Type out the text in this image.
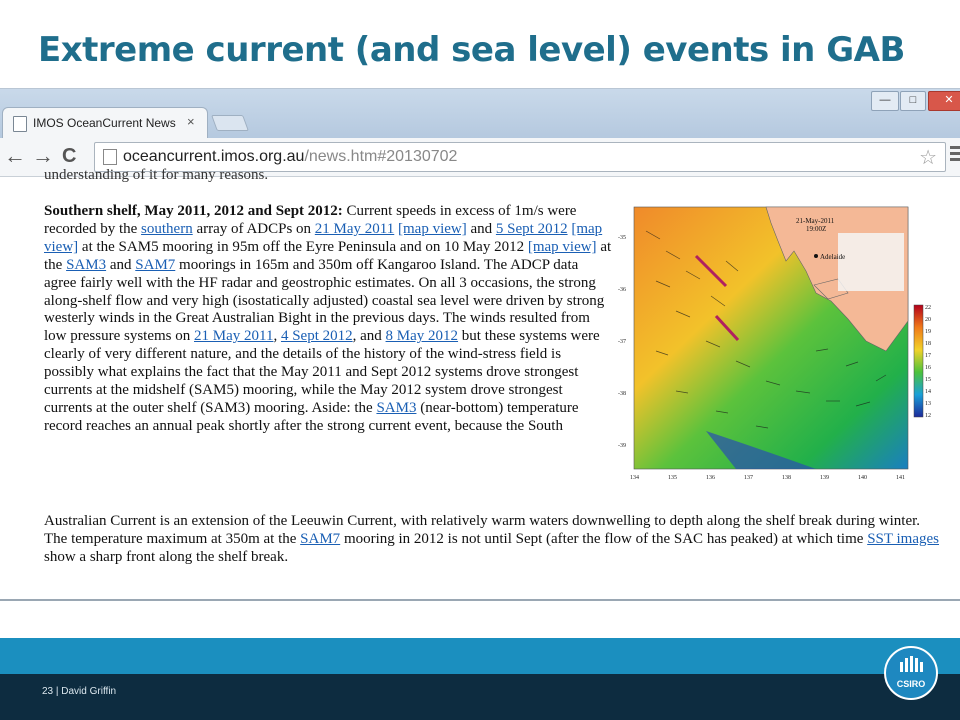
Extreme current (and sea level) events in GAB
IMOS OceanCurrent News ×
—	□	✕
← → C	oceancurrent.imos.org.au/news.htm#20130702	☆
understanding of it for many reasons.
Southern shelf, May 2011, 2012 and Sept 2012: Current speeds in excess of 1m/s were recorded by the southern array of ADCPs on 21 May 2011 [map view] and 5 Sept 2012 [map view] at the SAM5 mooring in 95m off the Eyre Peninsula and on 10 May 2012 [map view] at the SAM3 and SAM7 moorings in 165m and 350m off Kangaroo Island. The ADCP data agree fairly well with the HF radar and geostrophic estimates. On all 3 occasions, the strong along-shelf flow and very high (isostatically adjusted) coastal sea level were driven by strong westerly winds in the Great Australian Bight in the previous days. The winds resulted from low pressure systems on 21 May 2011, 4 Sept 2012, and 8 May 2012 but these systems were clearly of very different nature, and the details of the history of the wind-stress field is possibly what explains the fact that the May 2011 and Sept 2012 systems drove strongest currents at the midshelf (SAM5) mooring, while the May 2012 system drove strongest currents at the outer shelf (SAM3) mooring. Aside: the SAM3 (near-bottom) temperature record reaches an annual peak shortly after the strong current event, because the South
Australian Current is an extension of the Leeuwin Current, with relatively warm waters downwelling to depth along the shelf break during winter. The temperature maximum at 350m at the SAM7 mooring in 2012 is not until Sept (after the flow of the SAC has peaked) at which time SST images show a sharp front along the shelf break.
21-May-2011
19:00Z
Adelaide
22
20
19
18
17
16
15
14
13
12
134	135	136	137	138	139	140	141
-35
-36
-37
-38
-39
23 | David Griffin
CSIRO
